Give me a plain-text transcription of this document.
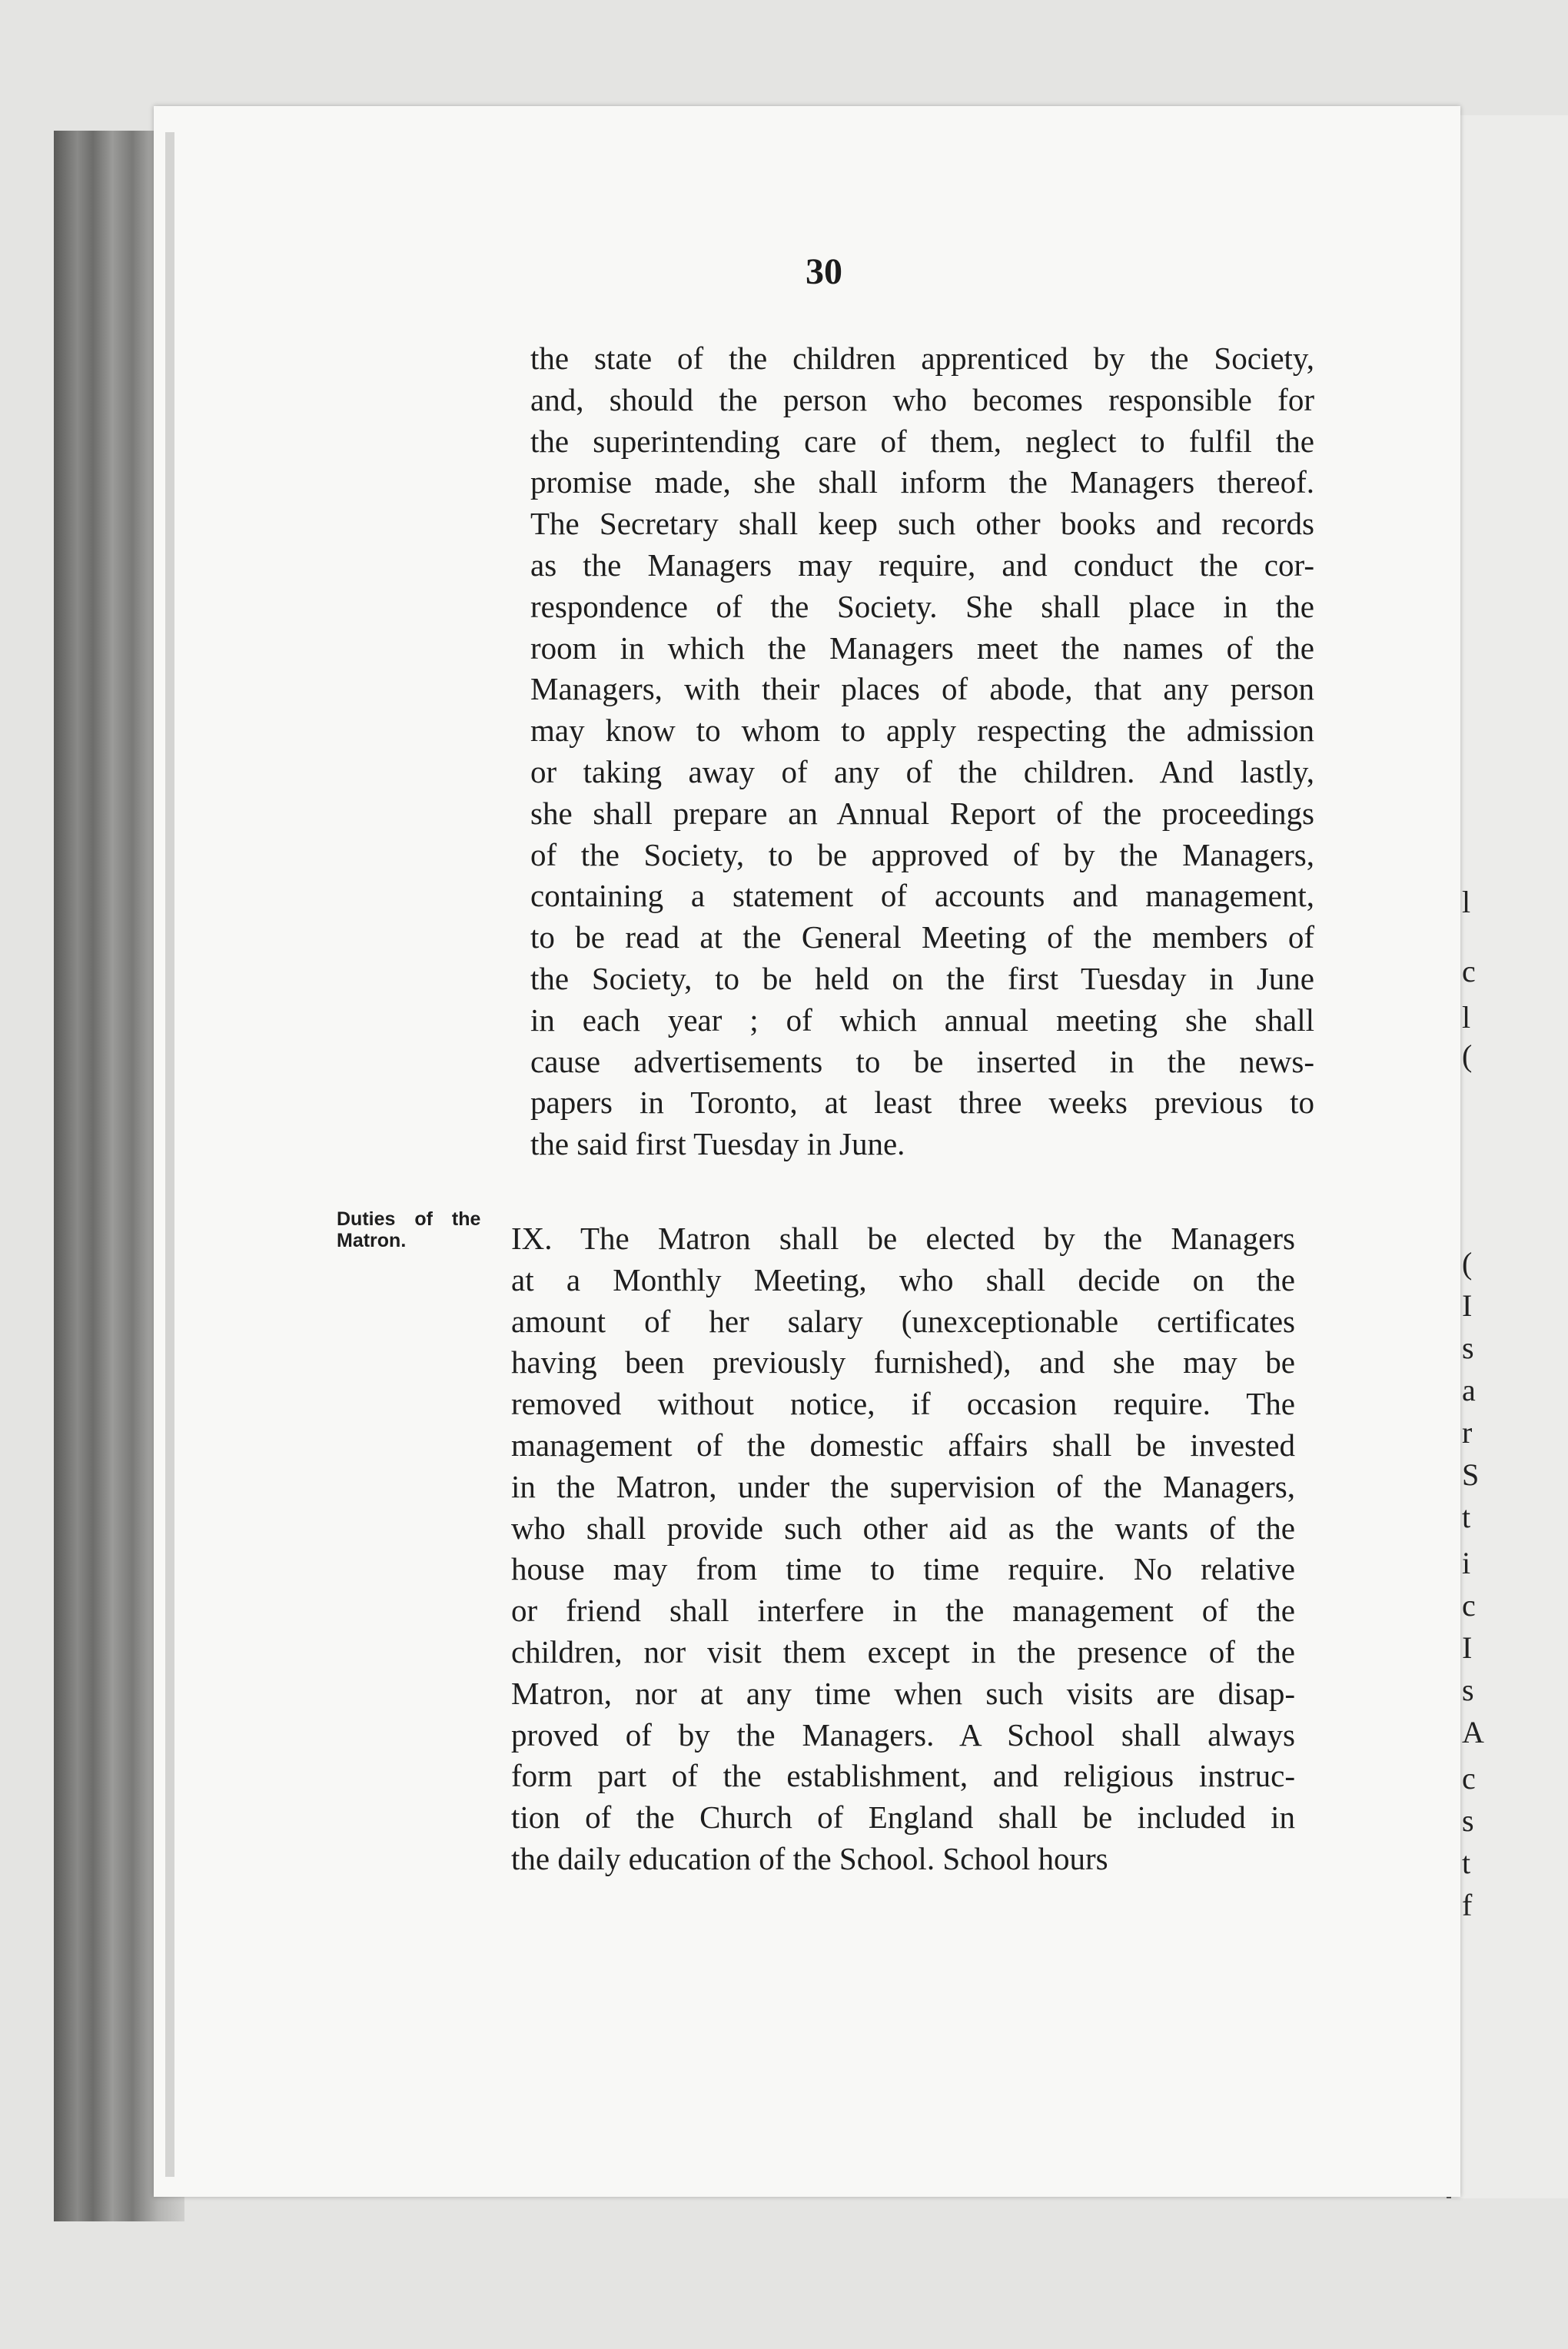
l
c
l
(
(
I
s
a
r
S
t
i
c
I
s
A
c
s
t
f
30
the state of the children apprenticed by the Society,
and, should the person who becomes responsible for
the superintending care of them, neglect to fulfil the
promise made, she shall inform the Managers thereof.
The Secretary shall keep such other books and records
as the Managers may require, and conduct the cor-
respondence of the Society. She shall place in the
room in which the Managers meet the names of the
Managers, with their places of abode, that any person
may know to whom to apply respecting the admission
or taking away of any of the children. And lastly,
she shall prepare an Annual Report of the proceedings
of the Society, to be approved of by the Managers,
containing a statement of accounts and management,
to be read at the General Meeting of the members of
the Society, to be held on the first Tuesday in June
in each year ; of which annual meeting she shall
cause advertisements to be inserted in the news-
papers in Toronto, at least three weeks previous to
the said first Tuesday in June.
Duties of the
Matron.	IX. The Matron shall be elected by the Managers
at a Monthly Meeting, who shall decide on the
amount of her salary (unexceptionable certificates
having been previously furnished), and she may be
removed without notice, if occasion require. The
management of the domestic affairs shall be invested
in the Matron, under the supervision of the Managers,
who shall provide such other aid as the wants of the
house may from time to time require. No relative
or friend shall interfere in the management of the
children, nor visit them except in the presence of the
Matron, nor at any time when such visits are disap-
proved of by the Managers. A School shall always
form part of the establishment, and religious instruc-
tion of the Church of England shall be included in
the daily education of the School. School hours
